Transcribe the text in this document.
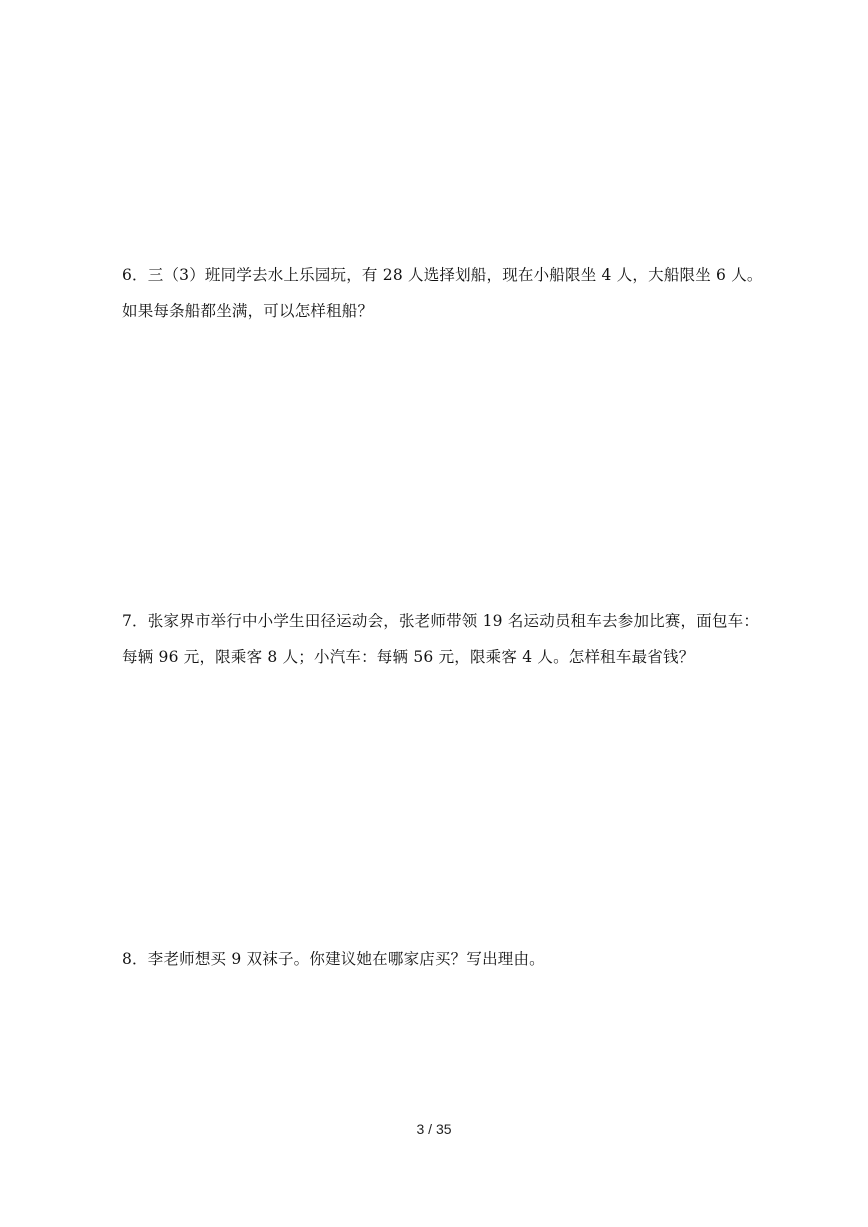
6．三（3）班同学去水上乐园玩，有 28 人选择划船，现在小船限坐 4 人，大船限坐 6 人。
如果每条船都坐满，可以怎样租船？
7．张家界市举行中小学生田径运动会，张老师带领 19 名运动员租车去参加比赛，面包车：
每辆 96 元，限乘客 8 人；小汽车：每辆 56 元，限乘客 4 人。怎样租车最省钱？
8．李老师想买 9 双袜子。你建议她在哪家店买？写出理由。
3 / 35
